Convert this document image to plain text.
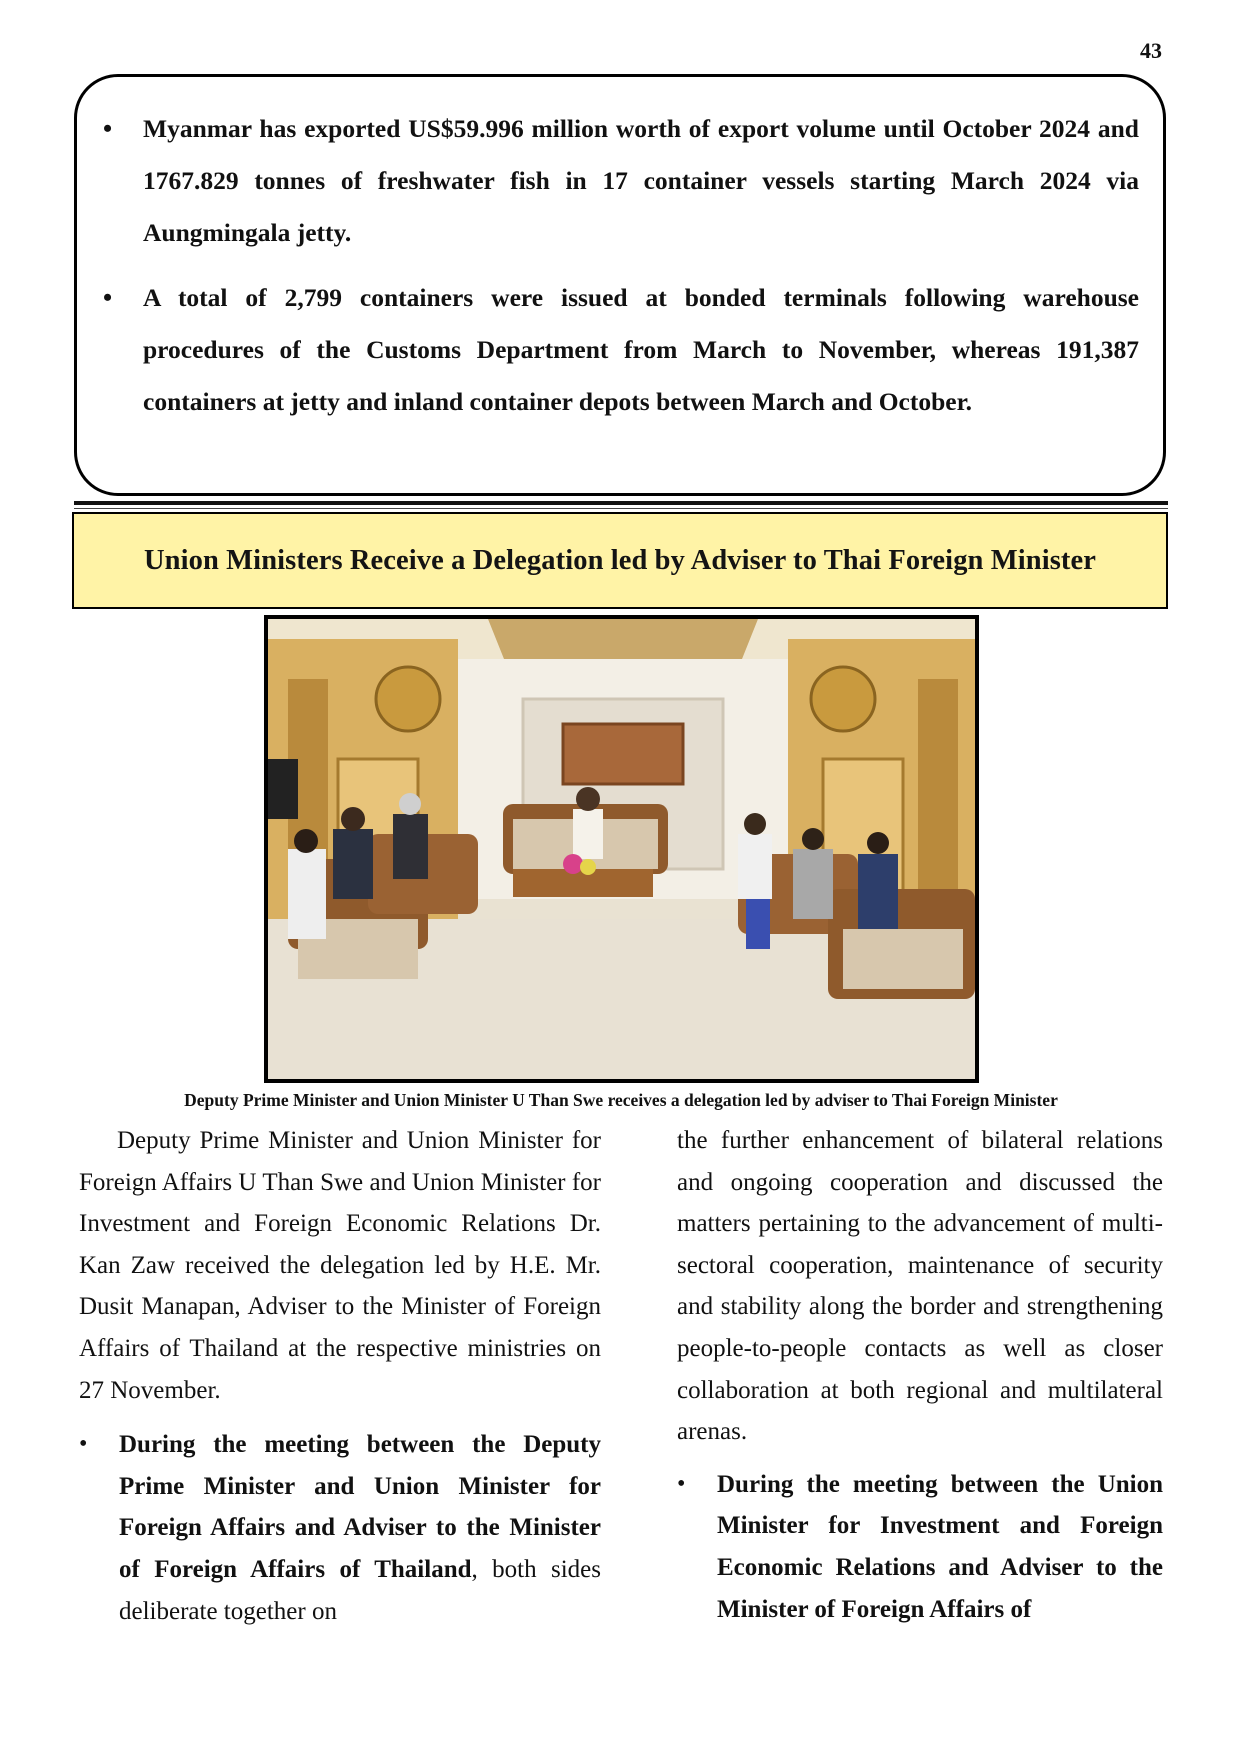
43
• Myanmar has exported US$59.996 million worth of export volume until October 2024 and 1767.829 tonnes of freshwater fish in 17 container vessels starting March 2024 via Aungmingala jetty.
• A total of 2,799 containers were issued at bonded terminals following warehouse procedures of the Customs Department from March to November, whereas 191,387 containers at jetty and inland container depots between March and October.
Union Ministers Receive a Delegation led by Adviser to Thai Foreign Minister
Deputy Prime Minister and Union Minister U Than Swe receives a delegation led by adviser to Thai Foreign Minister

Deputy Prime Minister and Union Minister for Foreign Affairs U Than Swe and Union Minister for Investment and Foreign Economic Relations Dr. Kan Zaw received the delegation led by H.E. Mr. Dusit Manapan, Adviser to the Minister of Foreign Affairs of Thailand at the respective ministries on 27 November.

• During the meeting between the Deputy Prime Minister and Union Minister for Foreign Affairs and Adviser to the Minister of Foreign Affairs of Thailand, both sides deliberate together on

the further enhancement of bilateral relations and ongoing cooperation and discussed the matters pertaining to the advancement of multi-sectoral cooperation, maintenance of security and stability along the border and strengthening people-to-people contacts as well as closer collaboration at both regional and multilateral arenas.

• During the meeting between the Union Minister for Investment and Foreign Economic Relations and Adviser to the Minister of Foreign Affairs of
